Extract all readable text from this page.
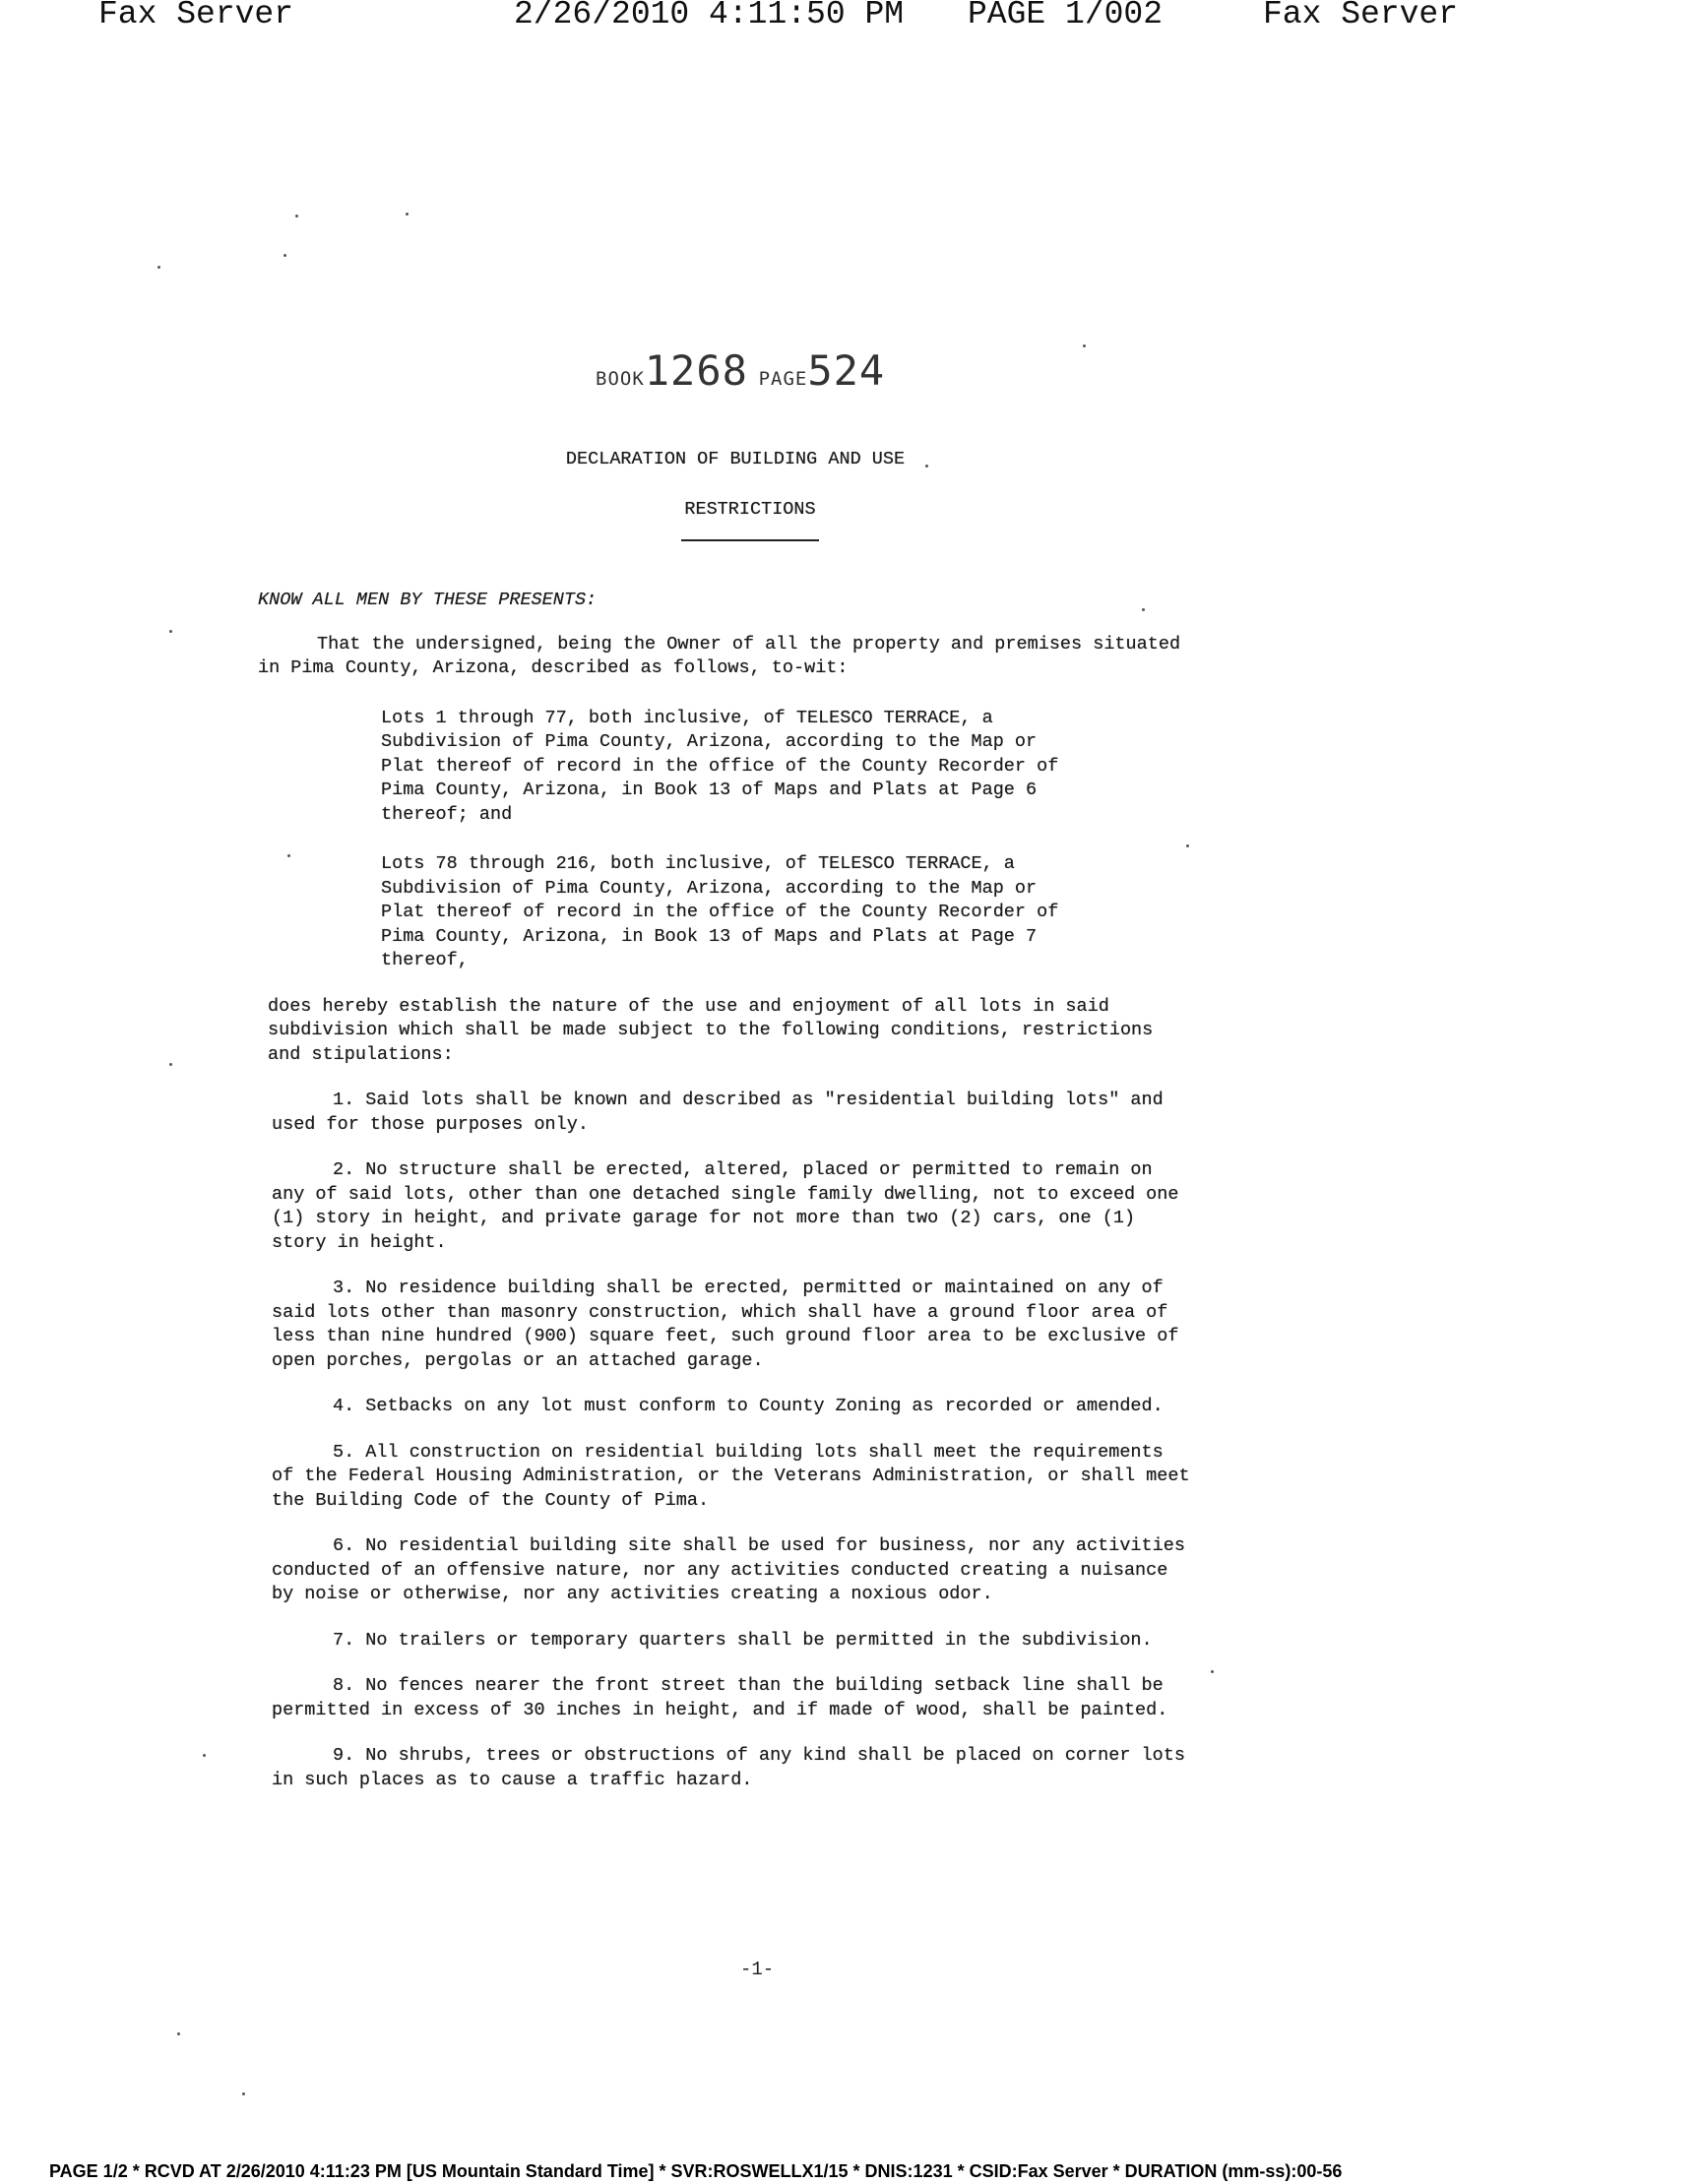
Fax Server	2/26/2010 4:11:50 PM PAGE 1/002	Fax Server
BOOK1268 PAGE524
DECLARATION OF BUILDING AND USE
RESTRICTIONS

KNOW ALL MEN BY THESE PRESENTS:

That the undersigned, being the Owner of all the property and premises situated in Pima County, Arizona, described as follows, to-wit:

Lots 1 through 77, both inclusive, of TELESCO TERRACE, a Subdivision of Pima County, Arizona, according to the Map or Plat thereof of record in the office of the County Recorder of Pima County, Arizona, in Book 13 of Maps and Plats at Page 6 thereof; and

Lots 78 through 216, both inclusive, of TELESCO TERRACE, a Subdivision of Pima County, Arizona, according to the Map or Plat thereof of record in the office of the County Recorder of Pima County, Arizona, in Book 13 of Maps and Plats at Page 7 thereof,

does hereby establish the nature of the use and enjoyment of all lots in said subdivision which shall be made subject to the following conditions, restrictions and stipulations:

1. Said lots shall be known and described as "residential building lots" and used for those purposes only.

2. No structure shall be erected, altered, placed or permitted to remain on any of said lots, other than one detached single family dwelling, not to exceed one (1) story in height, and private garage for not more than two (2) cars, one (1) story in height.

3. No residence building shall be erected, permitted or maintained on any of said lots other than masonry construction, which shall have a ground floor area of less than nine hundred (900) square feet, such ground floor area to be exclusive of open porches, pergolas or an attached garage.

4. Setbacks on any lot must conform to County Zoning as recorded or amended.

5. All construction on residential building lots shall meet the requirements of the Federal Housing Administration, or the Veterans Administration, or shall meet the Building Code of the County of Pima.

6. No residential building site shall be used for business, nor any activities conducted of an offensive nature, nor any activities conducted creating a nuisance by noise or otherwise, nor any activities creating a noxious odor.

7. No trailers or temporary quarters shall be permitted in the subdivision.

8. No fences nearer the front street than the building setback line shall be permitted in excess of 30 inches in height, and if made of wood, shall be painted.

9. No shrubs, trees or obstructions of any kind shall be placed on corner lots in such places as to cause a traffic hazard.

-1-
PAGE 1/2 * RCVD AT 2/26/2010 4:11:23 PM [US Mountain Standard Time] * SVR:ROSWELLX1/15 * DNIS:1231 * CSID:Fax Server * DURATION (mm-ss):00-56
